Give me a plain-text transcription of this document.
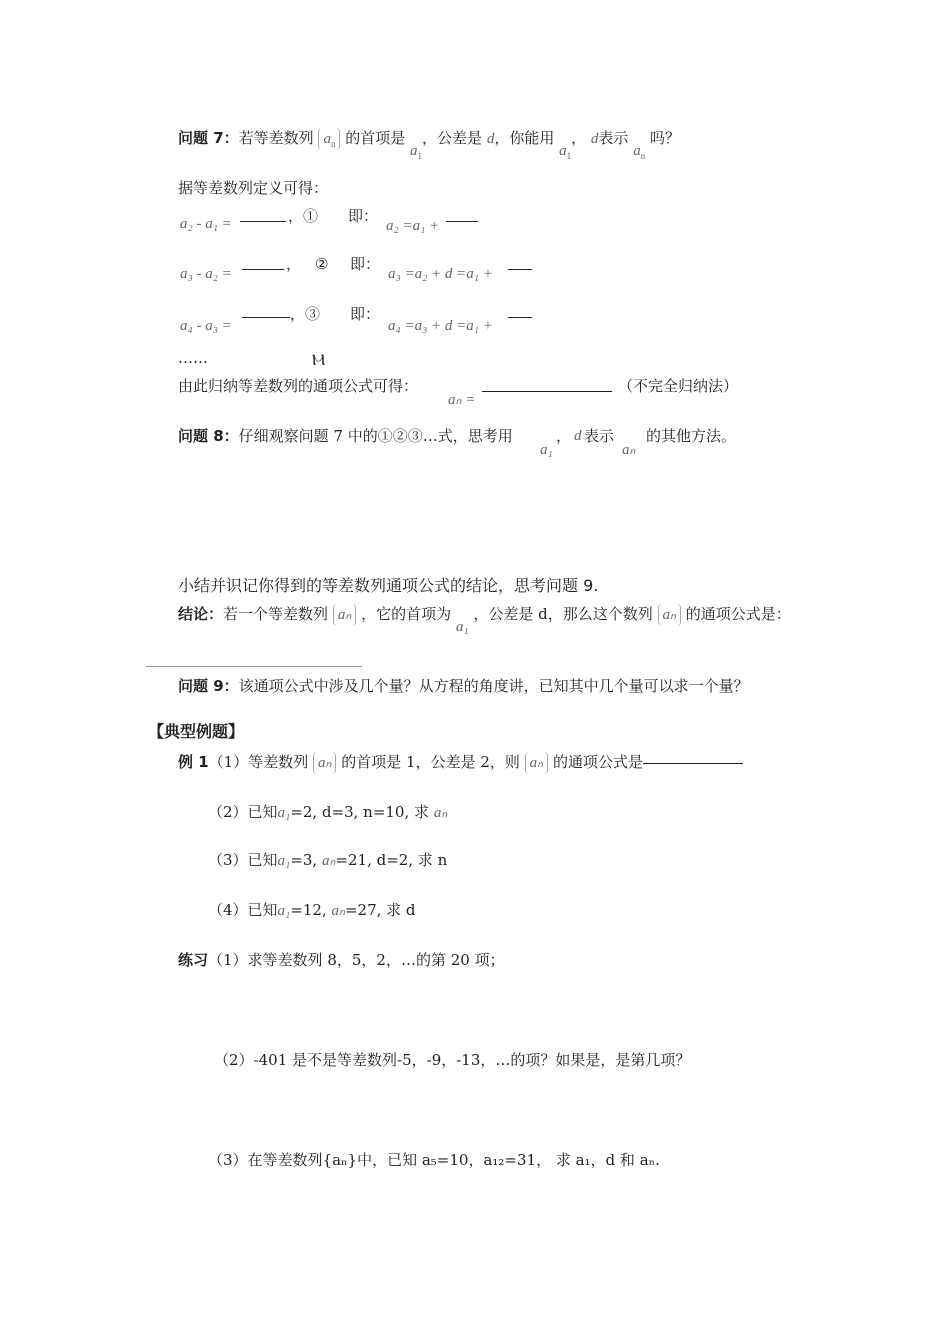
问题 7：若等差数列 $a_n$ 的首项是 $a_1$，公差是 d，你能用 $a_1$， d表示 $a_n$ 吗？
据等差数列定义可得：
a₂ - a₁ =	，① 即：
a₂ =a₁ +
a₃ - a₂ =
， ② 即：
a₃ =a₂ + d =a₁ +
a₄ - a₃ =
，③ 即：
a₄ =a₃ + d =a₁ +
……	Ⲙ
由此归纳等差数列的通项公式可得：
aₙ =
（不完全归纳法）
问题 8：仔细观察问题 7 中的①②③…式，思考用
a₁
， d 表示
aₙ
的其他方法。
小结并识记你得到的等差数列通项公式的结论，思考问题 9.
结论：若一个等差数列 aₙ ，它的首项为 a₁ ，公差是 d，那么这个数列 aₙ 的通项公式是：
问题 9：该通项公式中涉及几个量？从方程的角度讲，已知其中几个量可以求一个量？
【典型例题】
例 1（1）等差数列 aₙ 的首项是 1，公差是 2，则 aₙ 的通项公式是
（2）已知a₁=2, d=3, n=10, 求 aₙ
（3）已知a₁=3, aₙ=21, d=2, 求 n
（4）已知a₁=12, aₙ=27, 求 d
练习（1）求等差数列 8，5，2，…的第 20 项；
（2）-401 是不是等差数列-5，-9，-13，…的项？如果是，是第几项？
（3）在等差数列{aₙ}中，已知 a₅=10，a₁₂=31， 求 a₁，d 和 aₙ.
